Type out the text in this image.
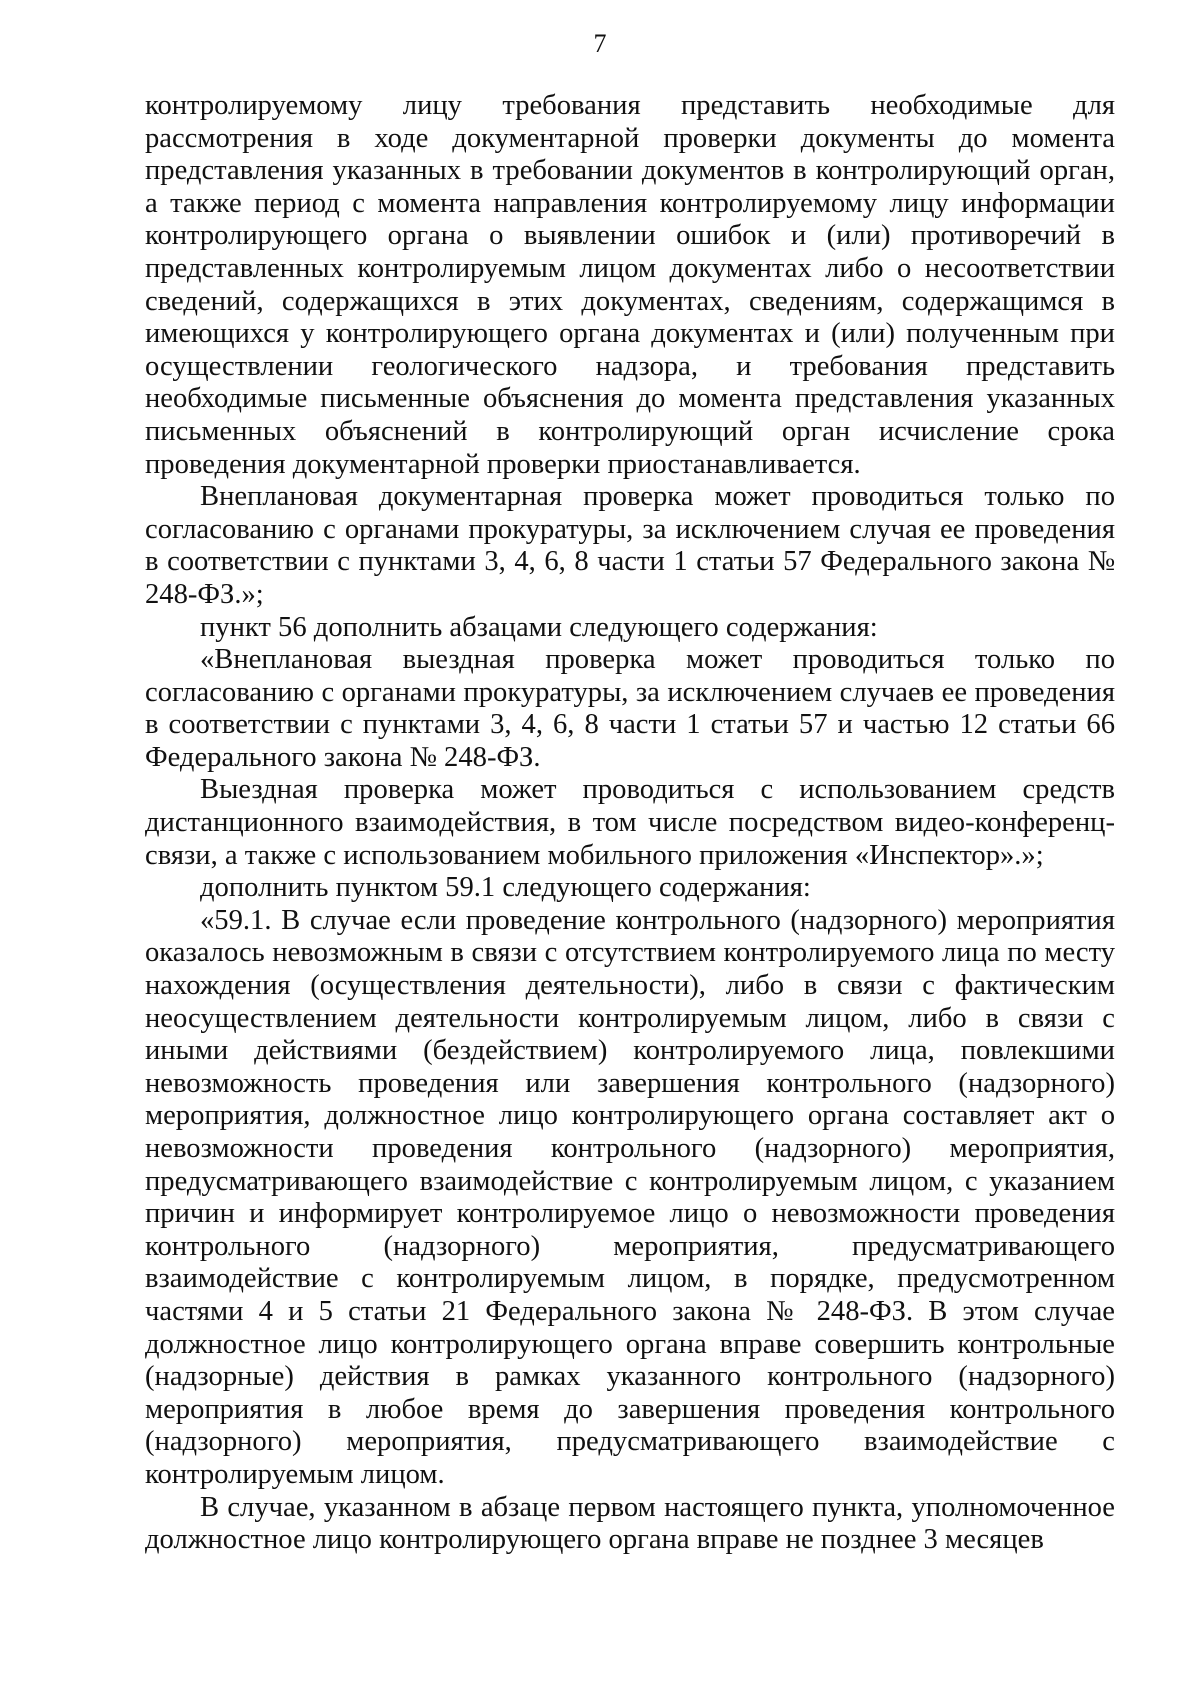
7

контролируемому лицу требования представить необходимые для рассмотрения в ходе документарной проверки документы до момента представления указанных в требовании документов в контролирующий орган, а также период с момента направления контролируемому лицу информации контролирующего органа о выявлении ошибок и (или) противоречий в представленных контролируемым лицом документах либо о несоответствии сведений, содержащихся в этих документах, сведениям, содержащимся в имеющихся у контролирующего органа документах и (или) полученным при осуществлении геологического надзора, и требования представить необходимые письменные объяснения до момента представления указанных письменных объяснений в контролирующий орган исчисление срока проведения документарной проверки приостанавливается.

Внеплановая документарная проверка может проводиться только по согласованию с органами прокуратуры, за исключением случая ее проведения в соответствии с пунктами 3, 4, 6, 8 части 1 статьи 57 Федерального закона № 248-ФЗ.»;

пункт 56 дополнить абзацами следующего содержания:

«Внеплановая выездная проверка может проводиться только по согласованию с органами прокуратуры, за исключением случаев ее проведения в соответствии с пунктами 3, 4, 6, 8 части 1 статьи 57 и частью 12 статьи 66 Федерального закона № 248-ФЗ.

Выездная проверка может проводиться с использованием средств дистанционного взаимодействия, в том числе посредством видео-конференц-связи, а также с использованием мобильного приложения «Инспектор».»;

дополнить пунктом 59.1 следующего содержания:

«59.1. В случае если проведение контрольного (надзорного) мероприятия оказалось невозможным в связи с отсутствием контролируемого лица по месту нахождения (осуществления деятельности), либо в связи с фактическим неосуществлением деятельности контролируемым лицом, либо в связи с иными действиями (бездействием) контролируемого лица, повлекшими невозможность проведения или завершения контрольного (надзорного) мероприятия, должностное лицо контролирующего органа составляет акт о невозможности проведения контрольного (надзорного) мероприятия, предусматривающего взаимодействие с контролируемым лицом, с указанием причин и информирует контролируемое лицо о невозможности проведения контрольного (надзорного) мероприятия, предусматривающего взаимодействие с контролируемым лицом, в порядке, предусмотренном частями 4 и 5 статьи 21 Федерального закона № 248-ФЗ. В этом случае должностное лицо контролирующего органа вправе совершить контрольные (надзорные) действия в рамках указанного контрольного (надзорного) мероприятия в любое время до завершения проведения контрольного (надзорного) мероприятия, предусматривающего взаимодействие с контролируемым лицом.

В случае, указанном в абзаце первом настоящего пункта, уполномоченное должностное лицо контролирующего органа вправе не позднее 3 месяцев
